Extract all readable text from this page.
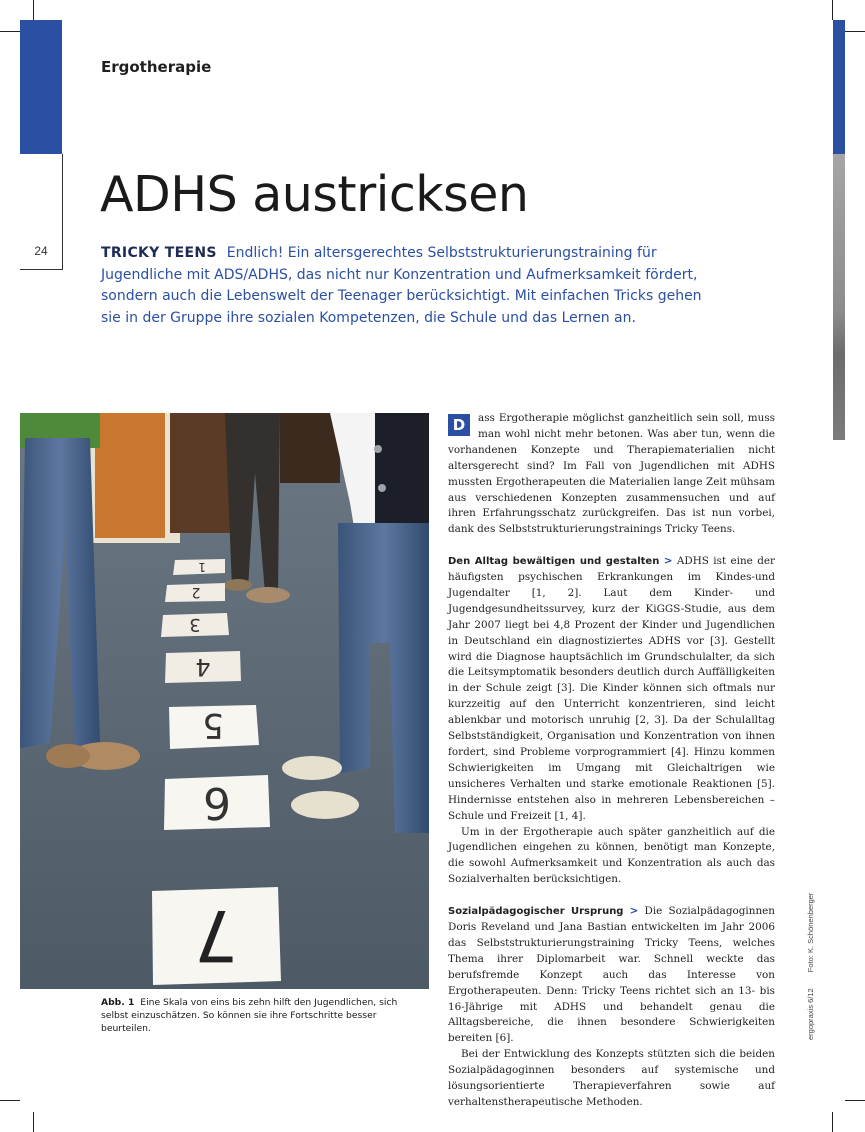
24
Ergotherapie
ADHS austricksen
TRICKY TEENS Endlich! Ein altersgerechtes Selbststrukturierungstraining für Jugendliche mit ADS/ADHS, das nicht nur Konzentration und Aufmerksamkeit fördert, sondern auch die Lebenswelt der Teenager berücksichtigt. Mit einfachen Tricks gehen sie in der Gruppe ihre sozialen Kompetenzen, die Schule und das Lernen an.
1
2
3
4
5
6
7
Abb. 1 Eine Skala von eins bis zehn hilft den Jugendlichen, sich selbst einzuschätzen. So können sie ihre Fortschritte besser beurteilen.

D	ass Ergotherapie möglichst ganzheitlich sein soll, muss man wohl nicht mehr betonen. Was aber tun, wenn die vorhandenen Konzepte und Therapiematerialien nicht altersgerecht sind? Im Fall von Jugendlichen mit ADHS mussten Ergotherapeuten die Materialien lange Zeit mühsam aus verschiedenen Konzepten zusammensuchen und auf ihren Erfahrungsschatz zurückgreifen. Das ist nun vorbei, dank des Selbststrukturierungstrainings Tricky Teens.

Den Alltag bewältigen und gestalten > ADHS ist eine der häufigsten psychischen Erkrankungen im Kindes-und Jugendalter [1, 2]. Laut dem Kinder- und Jugendgesundheitssurvey, kurz der KiGGS-Studie, aus dem Jahr 2007 liegt bei 4,8 Prozent der Kinder und Jugendlichen in Deutschland ein diagnostiziertes ADHS vor [3]. Gestellt wird die Diagnose hauptsächlich im Grundschulalter, da sich die Leitsymptomatik besonders deutlich durch Auffälligkeiten in der Schule zeigt [3]. Die Kinder können sich oftmals nur kurzzeitig auf den Unterricht konzentrieren, sind leicht ablenkbar und motorisch unruhig [2, 3]. Da der Schulalltag Selbstständigkeit, Organisation und Konzentration von ihnen fordert, sind Probleme vorprogrammiert [4]. Hinzu kommen Schwierigkeiten im Umgang mit Gleichaltrigen wie unsicheres Verhalten und starke emotionale Reaktionen [5]. Hindernisse entstehen also in mehreren Lebensbereichen – Schule und Freizeit [1, 4].

Um in der Ergotherapie auch später ganzheitlich auf die Jugendlichen eingehen zu können, benötigt man Konzepte, die sowohl Aufmerksamkeit und Konzentration als auch das Sozialverhalten berücksichtigen.

Sozialpädagogischer Ursprung > Die Sozialpädagoginnen Doris Reveland und Jana Bastian entwickelten im Jahr 2006 das Selbststrukturierungstraining Tricky Teens, welches Thema ihrer Diplomarbeit war. Schnell weckte das berufsfremde Konzept auch das Interesse von Ergotherapeuten. Denn: Tricky Teens richtet sich an 13- bis 16-Jährige mit ADHS und behandelt genau die Alltagsbereiche, die ihnen besondere Schwierigkeiten bereiten [6].

Bei der Entwicklung des Konzepts stützten sich die beiden Sozialpädagoginnen besonders auf systemische und lösungsorientierte Therapieverfahren sowie auf verhaltenstherapeutische Methoden.

ergopraxis 6/12 Foto: K. Schönenberger
